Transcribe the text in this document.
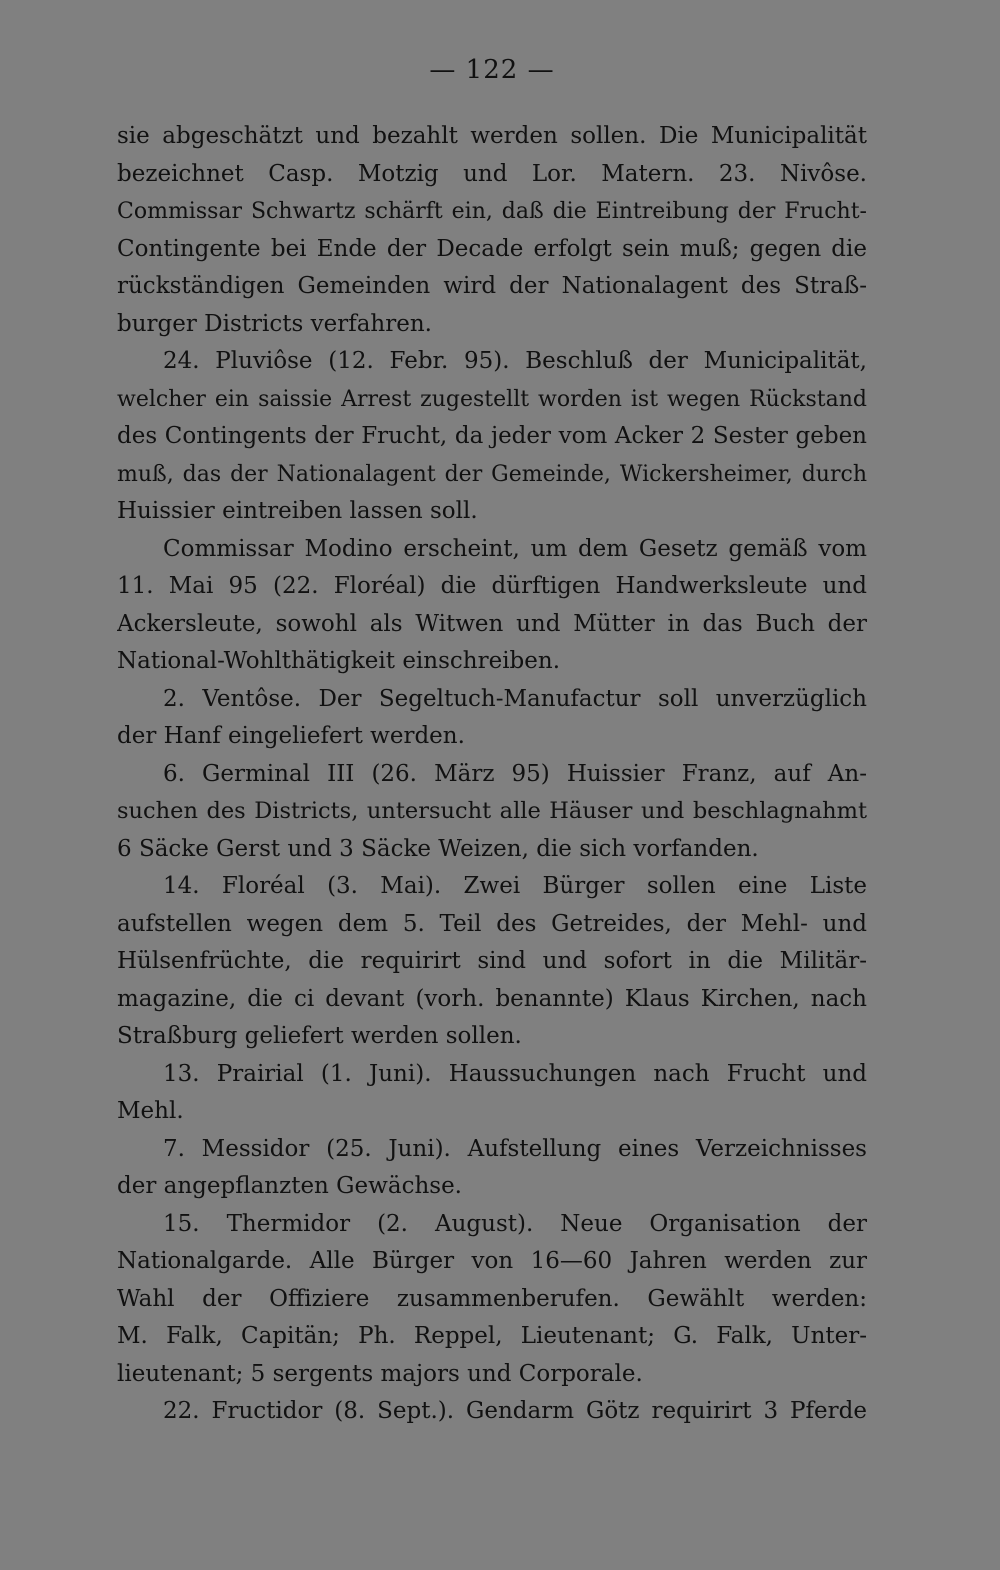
— 122 —
sie abgeschätzt und bezahlt werden sollen. Die Municipalität
bezeichnet Casp. Motzig und Lor. Matern. 23. Nivôse.
Commissar Schwartz schärft ein, daß die Eintreibung der Frucht-
Contingente bei Ende der Decade erfolgt sein muß; gegen die
rückständigen Gemeinden wird der Nationalagent des Straß-
burger Districts verfahren.
24. Pluviôse (12. Febr. 95). Beschluß der Municipalität,
welcher ein saissie Arrest zugestellt worden ist wegen Rückstand
des Contingents der Frucht, da jeder vom Acker 2 Sester geben
muß, das der Nationalagent der Gemeinde, Wickersheimer, durch
Huissier eintreiben lassen soll.
Commissar Modino erscheint, um dem Gesetz gemäß vom
11. Mai 95 (22. Floréal) die dürftigen Handwerksleute und
Ackersleute, sowohl als Witwen und Mütter in das Buch der
National-Wohlthätigkeit einschreiben.
2. Ventôse. Der Segeltuch-Manufactur soll unverzüglich
der Hanf eingeliefert werden.
6. Germinal III (26. März 95) Huissier Franz, auf An-
suchen des Districts, untersucht alle Häuser und beschlagnahmt
6 Säcke Gerst und 3 Säcke Weizen, die sich vorfanden.
14. Floréal (3. Mai). Zwei Bürger sollen eine Liste
aufstellen wegen dem 5. Teil des Getreides, der Mehl- und
Hülsenfrüchte, die requirirt sind und sofort in die Militär-
magazine, die ci devant (vorh. benannte) Klaus Kirchen, nach
Straßburg geliefert werden sollen.
13. Prairial (1. Juni). Haussuchungen nach Frucht und
Mehl.
7. Messidor (25. Juni). Aufstellung eines Verzeichnisses
der angepflanzten Gewächse.
15. Thermidor (2. August). Neue Organisation der
Nationalgarde. Alle Bürger von 16—60 Jahren werden zur
Wahl der Offiziere zusammenberufen. Gewählt werden:
M. Falk, Capitän; Ph. Reppel, Lieutenant; G. Falk, Unter-
lieutenant; 5 sergents majors und Corporale.
22. Fructidor (8. Sept.). Gendarm Götz requirirt 3 Pferde
